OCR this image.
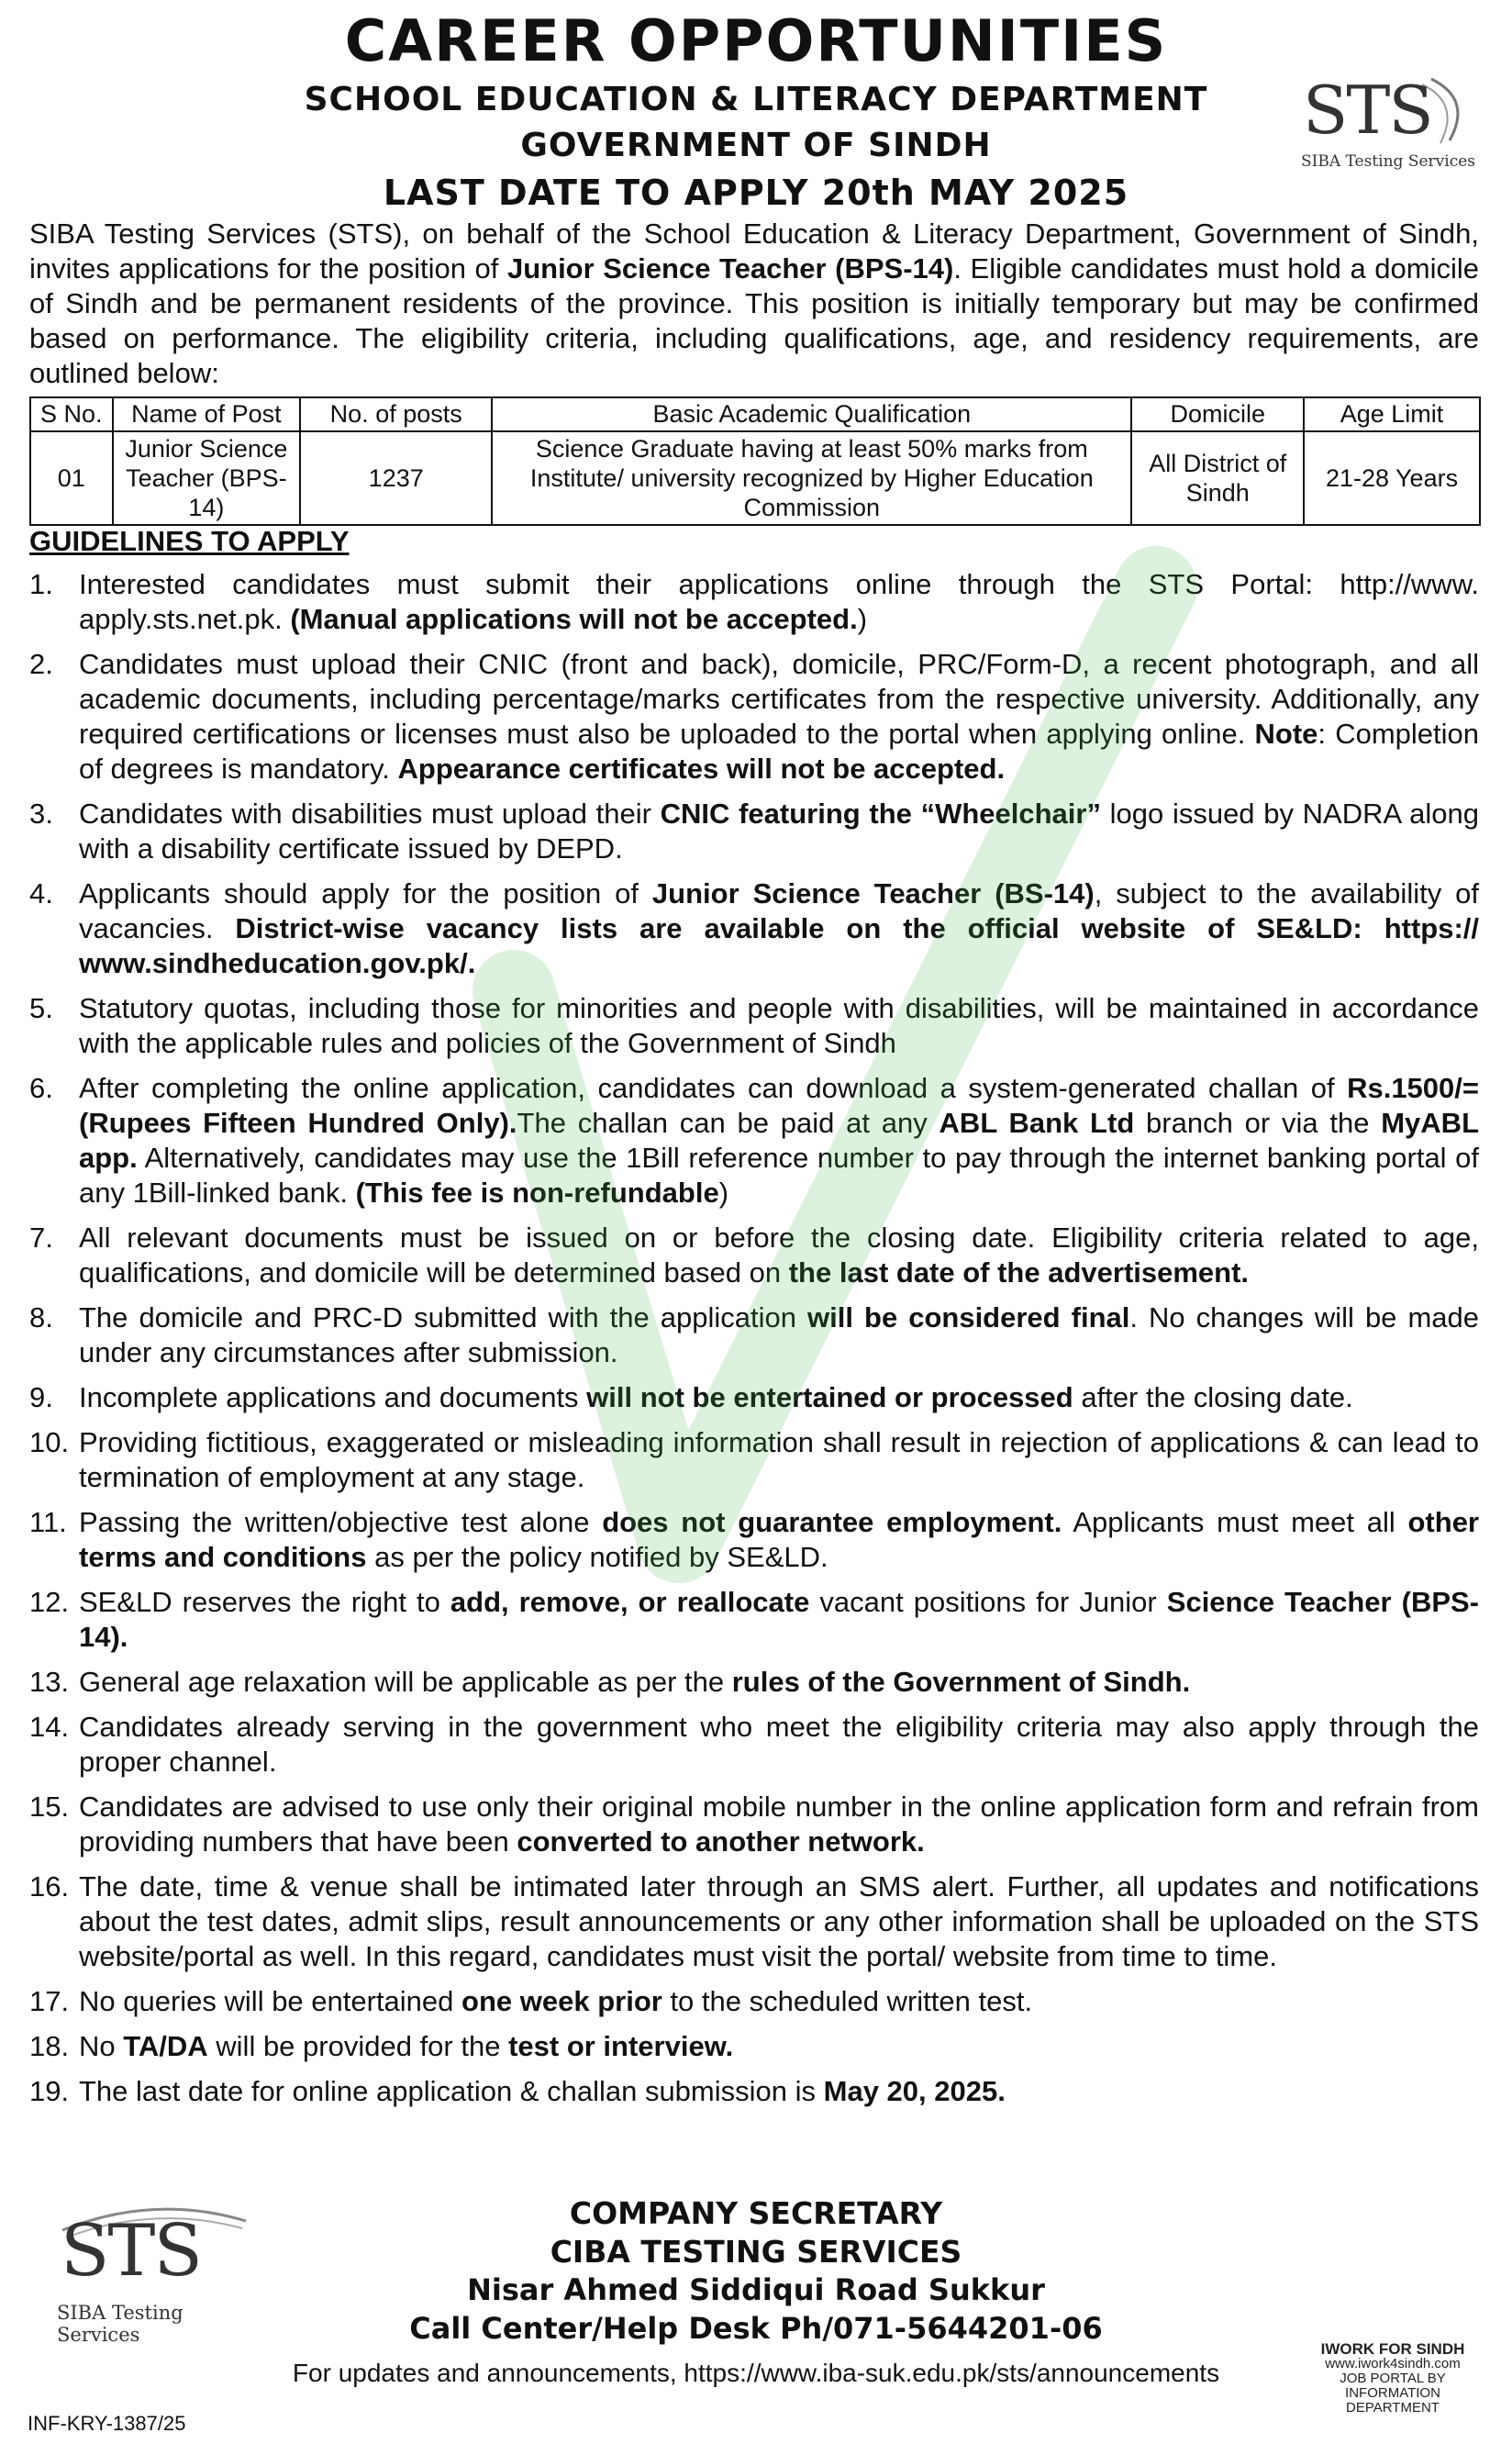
CAREER OPPORTUNITIES
SCHOOL EDUCATION & LITERACY DEPARTMENT
GOVERNMENT OF SINDH
LAST DATE TO APPLY 20th MAY 2025
STS
SIBA Testing Services
SIBA Testing Services (STS), on behalf of the School Education & Literacy Department, Government of Sindh, invites applications for the position of Junior Science Teacher (BPS-14). Eligible candidates must hold a domicile of Sindh and be permanent residents of the province. This position is initially temporary but may be confirmed based on performance. The eligibility criteria, including qualifications, age, and residency requirements, are outlined below:
S No.	Name of Post	No. of posts	Basic Academic Qualification	Domicile	Age Limit
01	Junior Science Teacher (BPS-14)	1237	Science Graduate having at least 50% marks from Institute/ university recognized by Higher Education Commission	All District of Sindh	21-28 Years
GUIDELINES TO APPLY
1. Interested candidates must submit their applications online through the STS Portal: http://www. apply.sts.net.pk. (Manual applications will not be accepted.)
2. Candidates must upload their CNIC (front and back), domicile, PRC/Form-D, a recent photograph, and all academic documents, including percentage/marks certificates from the respective university. Additionally, any required certifications or licenses must also be uploaded to the portal when applying online. Note: Completion of degrees is mandatory. Appearance certificates will not be accepted.
3. Candidates with disabilities must upload their CNIC featuring the “Wheelchair” logo issued by NADRA along with a disability certificate issued by DEPD.
4. Applicants should apply for the position of Junior Science Teacher (BS-14), subject to the availability of vacancies. District-wise vacancy lists are available on the official website of SE&LD: https:// www.sindheducation.gov.pk/.
5. Statutory quotas, including those for minorities and people with disabilities, will be maintained in accordance with the applicable rules and policies of the Government of Sindh
6. After completing the online application, candidates can download a system-generated challan of Rs.1500/= (Rupees Fifteen Hundred Only).The challan can be paid at any ABL Bank Ltd branch or via the MyABL app. Alternatively, candidates may use the 1Bill reference number to pay through the internet banking portal of any 1Bill-linked bank. (This fee is non-refundable)
7. All relevant documents must be issued on or before the closing date. Eligibility criteria related to age, qualifications, and domicile will be determined based on the last date of the advertisement.
8. The domicile and PRC-D submitted with the application will be considered final. No changes will be made under any circumstances after submission.
9. Incomplete applications and documents will not be entertained or processed after the closing date.
10. Providing fictitious, exaggerated or misleading information shall result in rejection of applications & can lead to termination of employment at any stage.
11. Passing the written/objective test alone does not guarantee employment. Applicants must meet all other terms and conditions as per the policy notified by SE&LD.
12. SE&LD reserves the right to add, remove, or reallocate vacant positions for Junior Science Teacher (BPS-14).
13. General age relaxation will be applicable as per the rules of the Government of Sindh.
14. Candidates already serving in the government who meet the eligibility criteria may also apply through the proper channel.
15. Candidates are advised to use only their original mobile number in the online application form and refrain from providing numbers that have been converted to another network.
16. The date, time & venue shall be intimated later through an SMS alert. Further, all updates and notifications about the test dates, admit slips, result announcements or any other information shall be uploaded on the STS website/portal as well. In this regard, candidates must visit the portal/ website from time to time.
17. No queries will be entertained one week prior to the scheduled written test.
18. No TA/DA will be provided for the test or interview.
19. The last date for online application & challan submission is May 20, 2025.
STS
SIBA Testing Services
COMPANY SECRETARY
CIBA TESTING SERVICES
Nisar Ahmed Siddiqui Road Sukkur
Call Center/Help Desk Ph/071-5644201-06
For updates and announcements, https://www.iba-suk.edu.pk/sts/announcements
INF-KRY-1387/25
IWORK FOR SINDH
www.iwork4sindh.com
JOB PORTAL BY
INFORMATION DEPARTMENT
